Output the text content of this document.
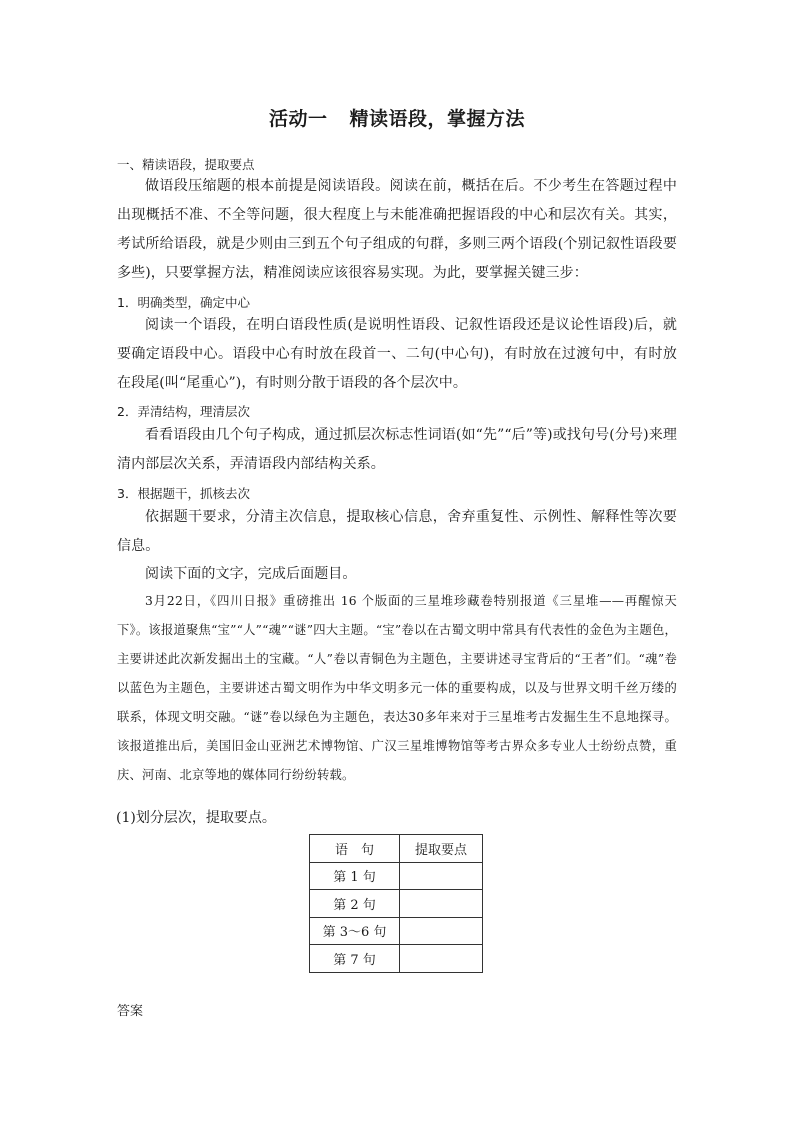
活动一 精读语段，掌握方法
一、精读语段，提取要点
做语段压缩题的根本前提是阅读语段。阅读在前，概括在后。不少考生在答题过程中出现概括不准、不全等问题，很大程度上与未能准确把握语段的中心和层次有关。其实，考试所给语段，就是少则由三到五个句子组成的句群，多则三两个语段(个别记叙性语段要多些)，只要掌握方法，精准阅读应该很容易实现。为此，要掌握关键三步：
1．明确类型，确定中心
阅读一个语段，在明白语段性质(是说明性语段、记叙性语段还是议论性语段)后，就要确定语段中心。语段中心有时放在段首一、二句(中心句)，有时放在过渡句中，有时放在段尾(叫“尾重心”)，有时则分散于语段的各个层次中。
2．弄清结构，理清层次
看看语段由几个句子构成，通过抓层次标志性词语(如“先”“后”等)或找句号(分号)来理清内部层次关系，弄清语段内部结构关系。
3．根据题干，抓核去次
依据题干要求，分清主次信息，提取核心信息，舍弃重复性、示例性、解释性等次要信息。
阅读下面的文字，完成后面题目。
3月22日，《四川日报》重磅推出 16 个版面的三星堆珍藏卷特别报道《三星堆——再醒惊天下》。该报道聚焦“宝”“人”“魂”“谜”四大主题。“宝”卷以在古蜀文明中常具有代表性的金色为主题色，主要讲述此次新发掘出土的宝藏。“人”卷以青铜色为主题色，主要讲述寻宝背后的“王者”们。“魂”卷以蓝色为主题色，主要讲述古蜀文明作为中华文明多元一体的重要构成，以及与世界文明千丝万缕的联系，体现文明交融。“谜”卷以绿色为主题色，表达30多年来对于三星堆考古发掘生生不息地探寻。该报道推出后，美国旧金山亚洲艺术博物馆、广汉三星堆博物馆等考古界众多专业人士纷纷点赞，重庆、河南、北京等地的媒体同行纷纷转载。
(1)划分层次，提取要点。
语　句	提取要点
第 1 句	
第 2 句	
第 3～6 句	
第 7 句	
答案
